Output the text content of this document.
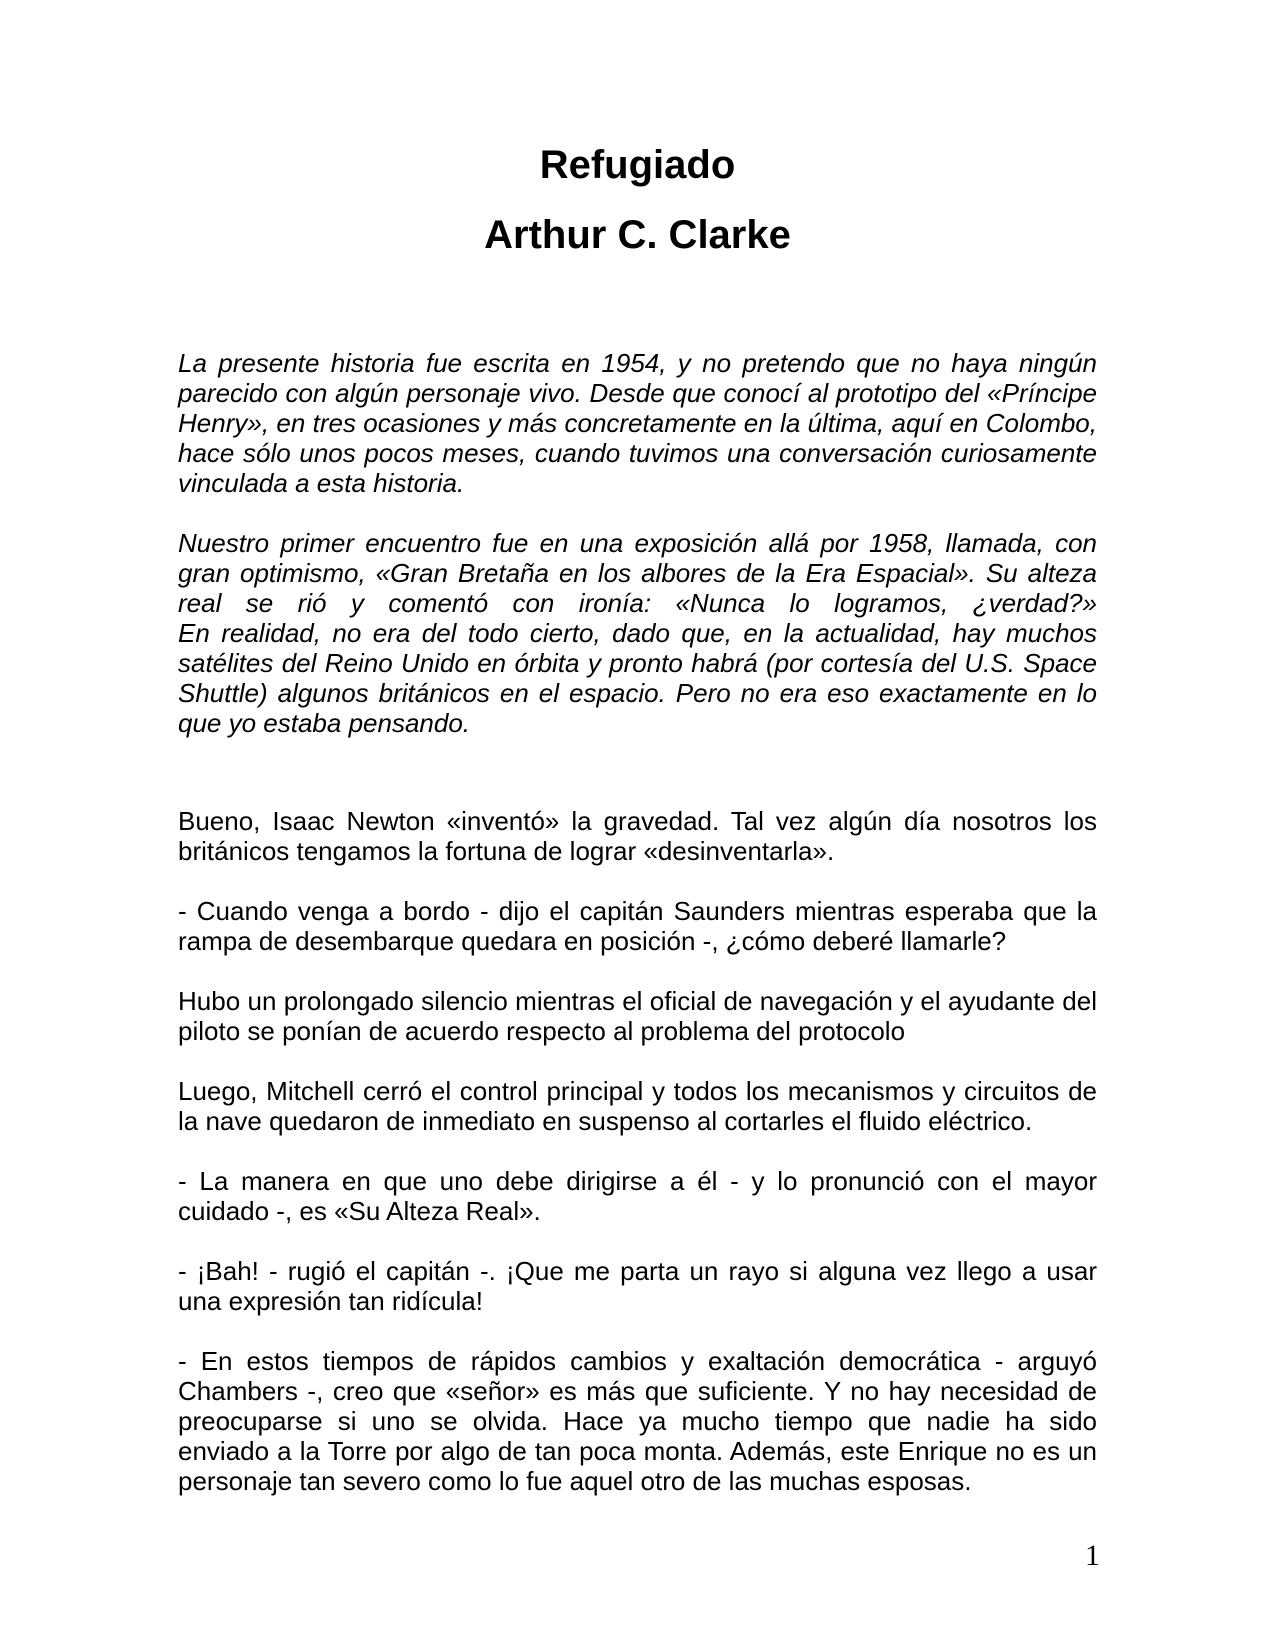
Refugiado
Arthur C. Clarke

La presente historia fue escrita en 1954, y no pretendo que no haya ningún parecido con algún personaje vivo. Desde que conocí al prototipo del «Príncipe Henry», en tres ocasiones y más concretamente en la última, aquí en Colombo, hace sólo unos pocos meses, cuando tuvimos una conversación curiosamente vinculada a esta historia.

Nuestro primer encuentro fue en una exposición allá por 1958, llamada, con gran optimismo, «Gran Bretaña en los albores de la Era Espacial». Su alteza real se rió y comentó con ironía: «Nunca lo logramos, ¿verdad?»
En realidad, no era del todo cierto, dado que, en la actualidad, hay muchos satélites del Reino Unido en órbita y pronto habrá (por cortesía del U.S. Space Shuttle) algunos británicos en el espacio. Pero no era eso exactamente en lo que yo estaba pensando.

Bueno, Isaac Newton «inventó» la gravedad. Tal vez algún día nosotros los británicos tengamos la fortuna de lograr «desinventarla».

- Cuando venga a bordo - dijo el capitán Saunders mientras esperaba que la rampa de desembarque quedara en posición -, ¿cómo deberé llamarle?

Hubo un prolongado silencio mientras el oficial de navegación y el ayudante del piloto se ponían de acuerdo respecto al problema del protocolo

Luego, Mitchell cerró el control principal y todos los mecanismos y circuitos de la nave quedaron de inmediato en suspenso al cortarles el fluido eléctrico.

- La manera en que uno debe dirigirse a él - y lo pronunció con el mayor cuidado -, es «Su Alteza Real».

- ¡Bah! - rugió el capitán -. ¡Que me parta un rayo si alguna vez llego a usar una expresión tan ridícula!

- En estos tiempos de rápidos cambios y exaltación democrática - arguyó Chambers -, creo que «señor» es más que suficiente. Y no hay necesidad de preocuparse si uno se olvida. Hace ya mucho tiempo que nadie ha sido enviado a la Torre por algo de tan poca monta. Además, este Enrique no es un personaje tan severo como lo fue aquel otro de las muchas esposas.

1
